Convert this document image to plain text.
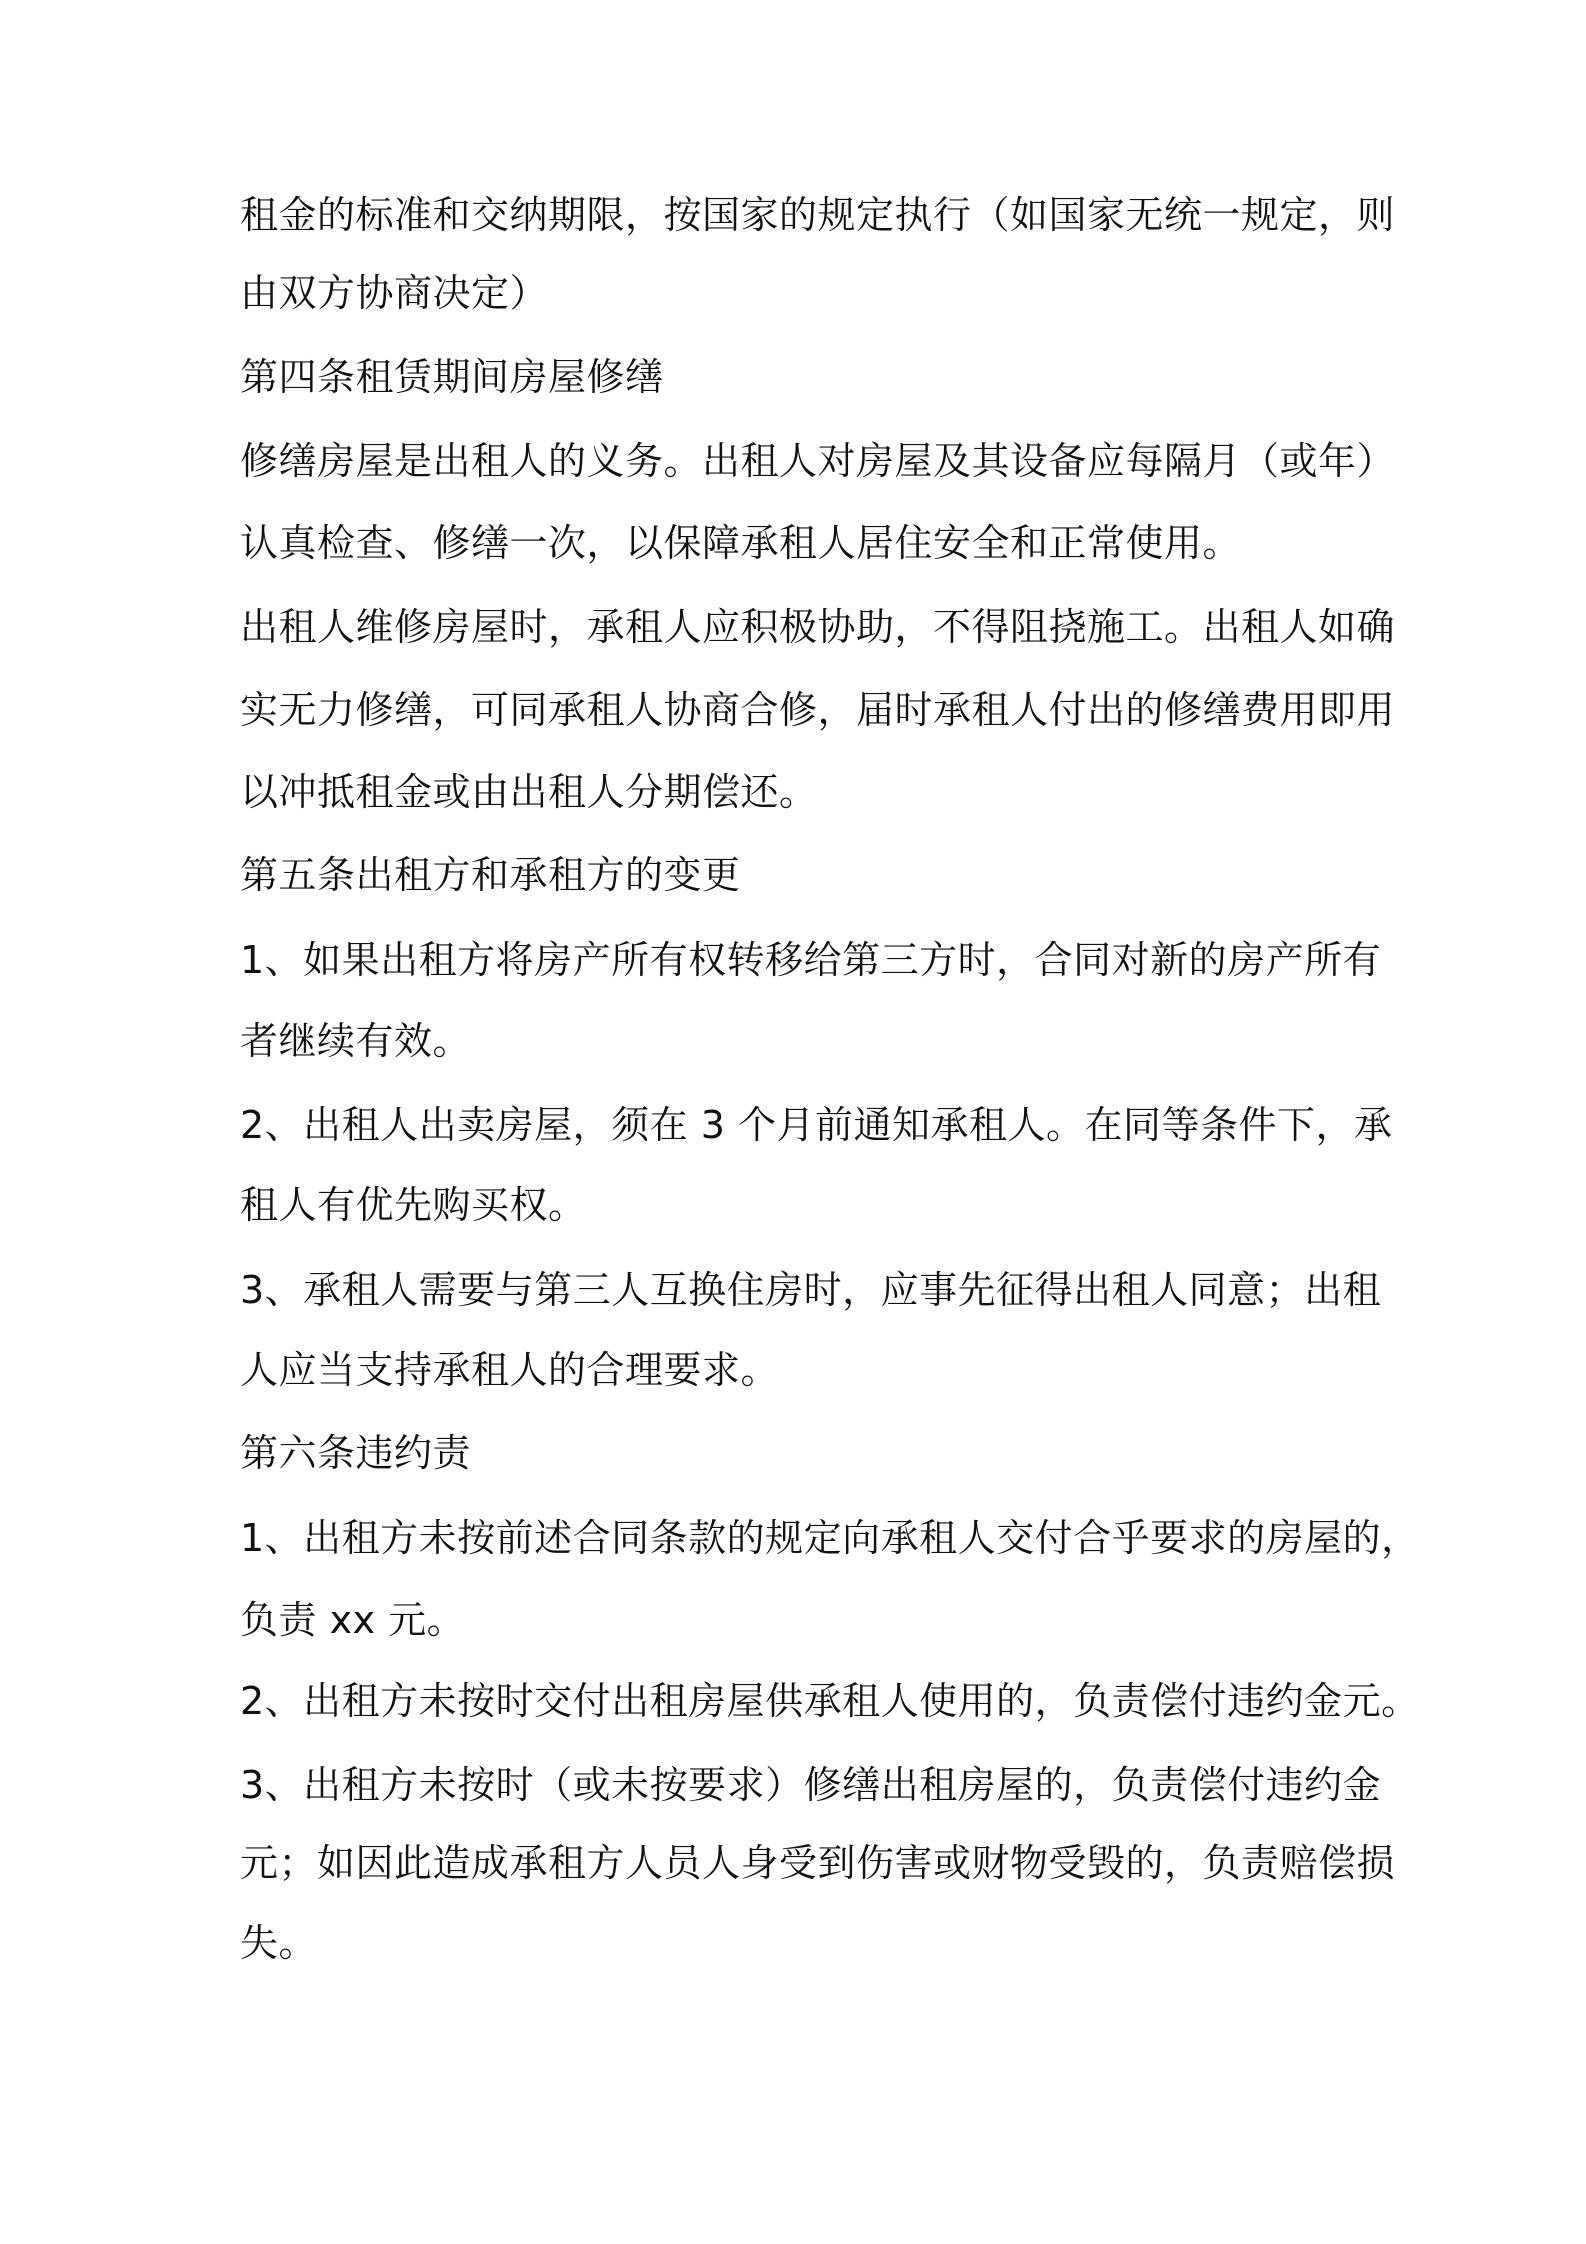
租金的标准和交纳期限，按国家的规定执行（如国家无统一规定，则
由双方协商决定）
第四条租赁期间房屋修缮
修缮房屋是出租人的义务。出租人对房屋及其设备应每隔月（或年）
认真检查、修缮一次，以保障承租人居住安全和正常使用。
出租人维修房屋时，承租人应积极协助，不得阻挠施工。出租人如确
实无力修缮，可同承租人协商合修，届时承租人付出的修缮费用即用
以冲抵租金或由出租人分期偿还。
第五条出租方和承租方的变更
1、如果出租方将房产所有权转移给第三方时，合同对新的房产所有
者继续有效。
2、出租人出卖房屋，须在 3 个月前通知承租人。在同等条件下，承
租人有优先购买权。
3、承租人需要与第三人互换住房时，应事先征得出租人同意；出租
人应当支持承租人的合理要求。
第六条违约责
1、出租方未按前述合同条款的规定向承租人交付合乎要求的房屋的，
负责 xx 元。
2、出租方未按时交付出租房屋供承租人使用的，负责偿付违约金元。
3、出租方未按时（或未按要求）修缮出租房屋的，负责偿付违约金
元；如因此造成承租方人员人身受到伤害或财物受毁的，负责赔偿损
失。
